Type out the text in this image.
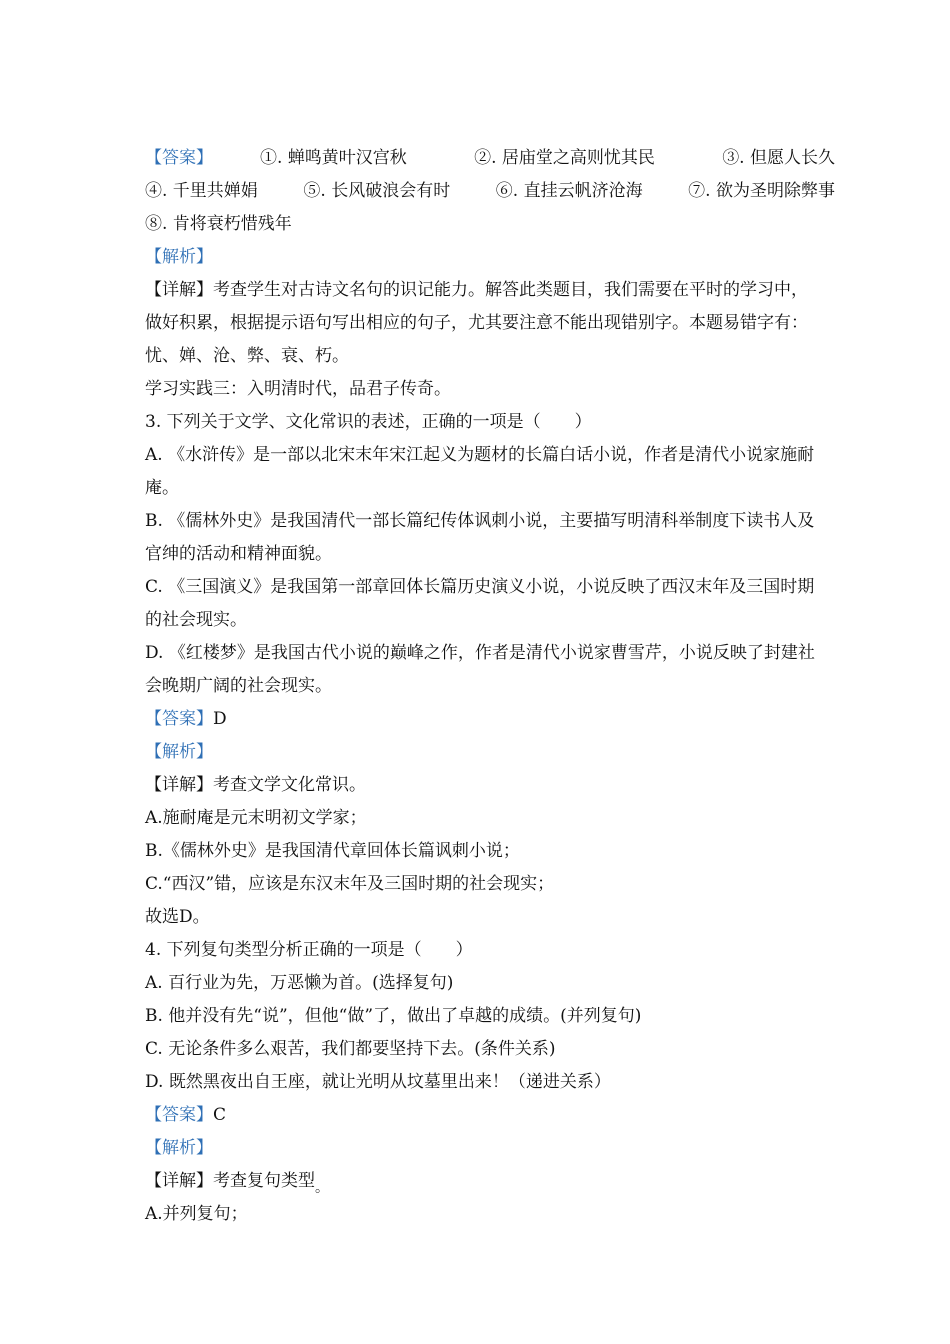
【答案】	①. 蝉鸣黄叶汉宫秋	②. 居庙堂之高则忧其民	③. 但愿人长久
④. 千里共婵娟	⑤. 长风破浪会有时	⑥. 直挂云帆济沧海	⑦. 欲为圣明除弊事
⑧. 肯将衰朽惜残年
【解析】
【详解】考查学生对古诗文名句的识记能力。解答此类题目，我们需要在平时的学习中，
做好积累，根据提示语句写出相应的句子，尤其要注意不能出现错别字。本题易错字有：
忧、婵、沧、弊、衰、朽。
学习实践三：入明清时代，品君子传奇。
3. 下列关于文学、文化常识的表述，正确的一项是（　　）
A. 《水浒传》是一部以北宋末年宋江起义为题材的长篇白话小说，作者是清代小说家施耐
庵。
B. 《儒林外史》是我国清代一部长篇纪传体讽刺小说，主要描写明清科举制度下读书人及
官绅的活动和精神面貌。
C. 《三国演义》是我国第一部章回体长篇历史演义小说，小说反映了西汉末年及三国时期
的社会现实。
D. 《红楼梦》是我国古代小说的巅峰之作，作者是清代小说家曹雪芹，小说反映了封建社
会晚期广阔的社会现实。
【答案】D
【解析】
【详解】考查文学文化常识。
A.施耐庵是元末明初文学家；
B.《儒林外史》是我国清代章回体长篇讽刺小说；
C.“西汉”错，应该是东汉末年及三国时期的社会现实；
故选D。
4. 下列复句类型分析正确的一项是（　　）
A. 百行业为先，万恶懒为首。(选择复句)
B. 他并没有先“说”，但他“做”了，做出了卓越的成绩。(并列复句)
C. 无论条件多么艰苦，我们都要坚持下去。(条件关系)
D. 既然黑夜出自王座，就让光明从坟墓里出来！（递进关系）
【答案】C
【解析】
【详解】考查复句类型$_。$
A.并列复句；
